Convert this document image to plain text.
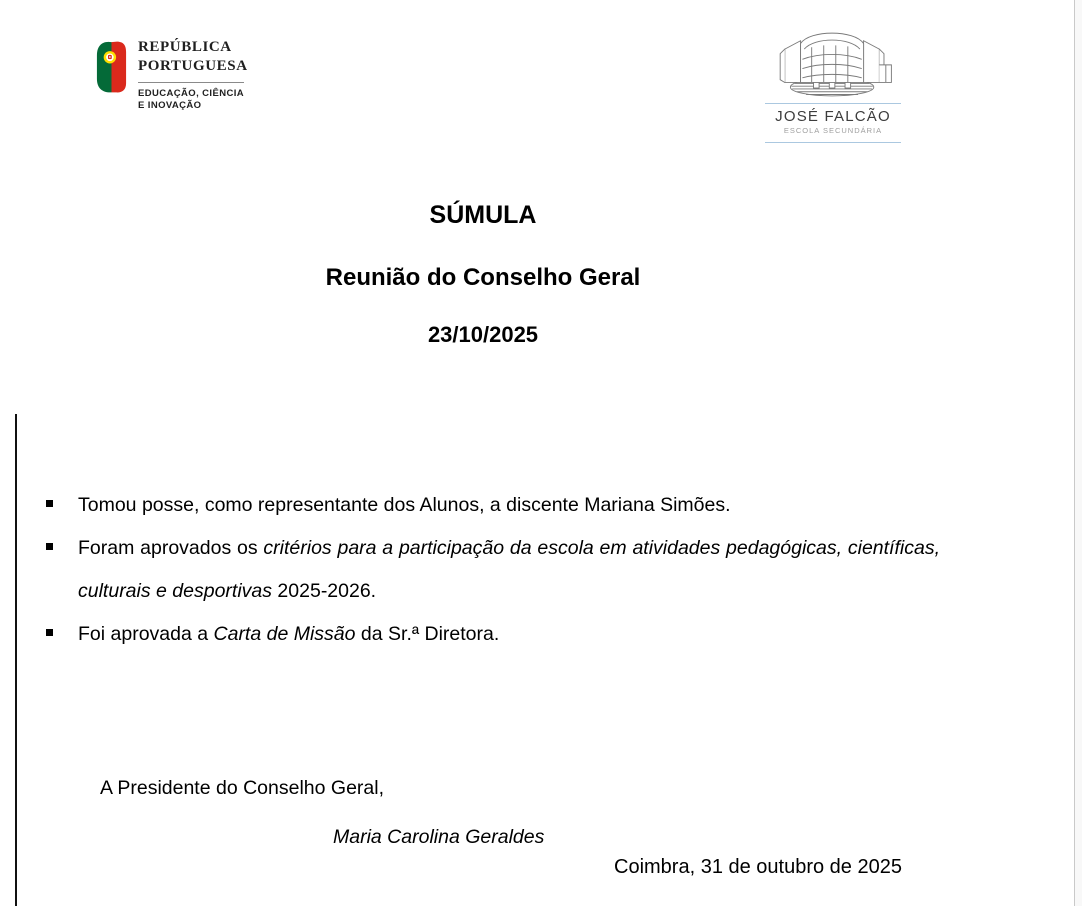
REPÚBLICA
PORTUGUESA
EDUCAÇÃO, CIÊNCIA
E INOVAÇÃO
JOSÉ FALCÃO
ESCOLA SECUNDÁRIA
SÚMULA
Reunião do Conselho Geral
23/10/2025
Tomou posse, como representante dos Alunos, a discente Mariana Simões.
Foram aprovados os critérios para a participação da escola em atividades pedagógicas, científicas, culturais e desportivas 2025-2026.
Foi aprovada a Carta de Missão da Sr.ª Diretora.
A Presidente do Conselho Geral,
Maria Carolina Geraldes
Coimbra, 31 de outubro de 2025
